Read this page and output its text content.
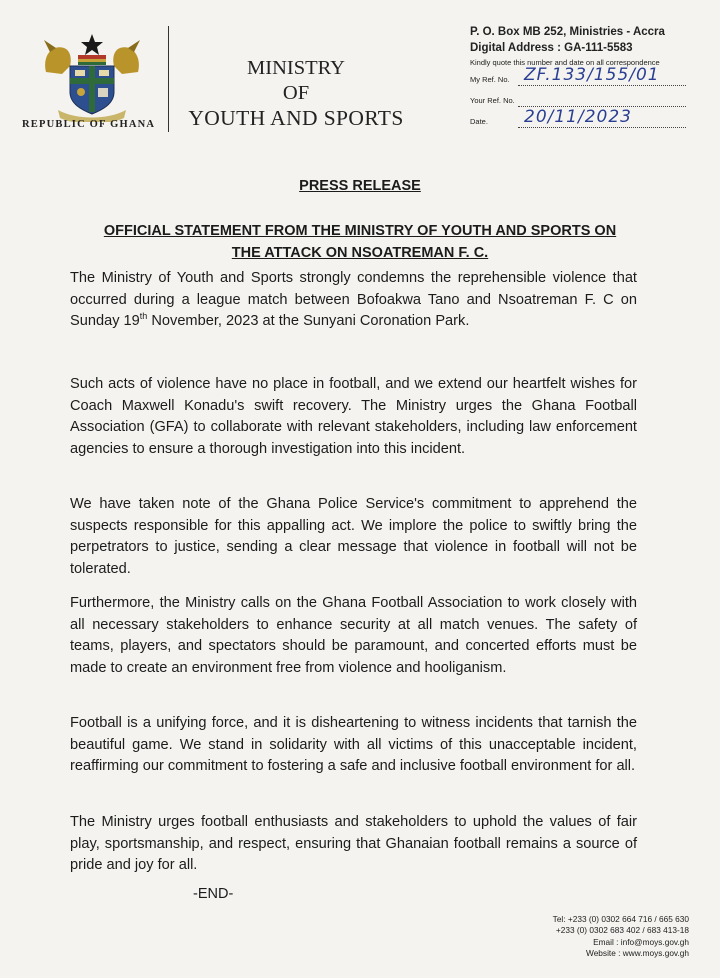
REPUBLIC OF GHANA
MINISTRY
OF
YOUTH AND SPORTS
P. O. Box MB 252, Ministries - Accra
Digital Address : GA-111-5583
Kindly quote this number and date on all correspondence
My Ref. No. ZF.133/155/01
Your Ref. No.
Date. 20/11/2023
PRESS RELEASE
OFFICIAL STATEMENT FROM THE MINISTRY OF YOUTH AND SPORTS ON THE ATTACK ON NSOATREMAN F. C.
The Ministry of Youth and Sports strongly condemns the reprehensible violence that occurred during a league match between Bofoakwa Tano and Nsoatreman F. C on Sunday 19th November, 2023 at the Sunyani Coronation Park.
Such acts of violence have no place in football, and we extend our heartfelt wishes for Coach Maxwell Konadu's swift recovery. The Ministry urges the Ghana Football Association (GFA) to collaborate with relevant stakeholders, including law enforcement agencies to ensure a thorough investigation into this incident.
We have taken note of the Ghana Police Service's commitment to apprehend the suspects responsible for this appalling act. We implore the police to swiftly bring the perpetrators to justice, sending a clear message that violence in football will not be tolerated.
Furthermore, the Ministry calls on the Ghana Football Association to work closely with all necessary stakeholders to enhance security at all match venues. The safety of teams, players, and spectators should be paramount, and concerted efforts must be made to create an environment free from violence and hooliganism.
Football is a unifying force, and it is disheartening to witness incidents that tarnish the beautiful game. We stand in solidarity with all victims of this unacceptable incident, reaffirming our commitment to fostering a safe and inclusive football environment for all.
The Ministry urges football enthusiasts and stakeholders to uphold the values of fair play, sportsmanship, and respect, ensuring that Ghanaian football remains a source of pride and joy for all.
-END-
Tel: +233 (0) 0302 664 716 / 665 630
+233 (0) 0302 683 402 / 683 413-18
Email : info@moys.gov.gh
Website : www.moys.gov.gh
